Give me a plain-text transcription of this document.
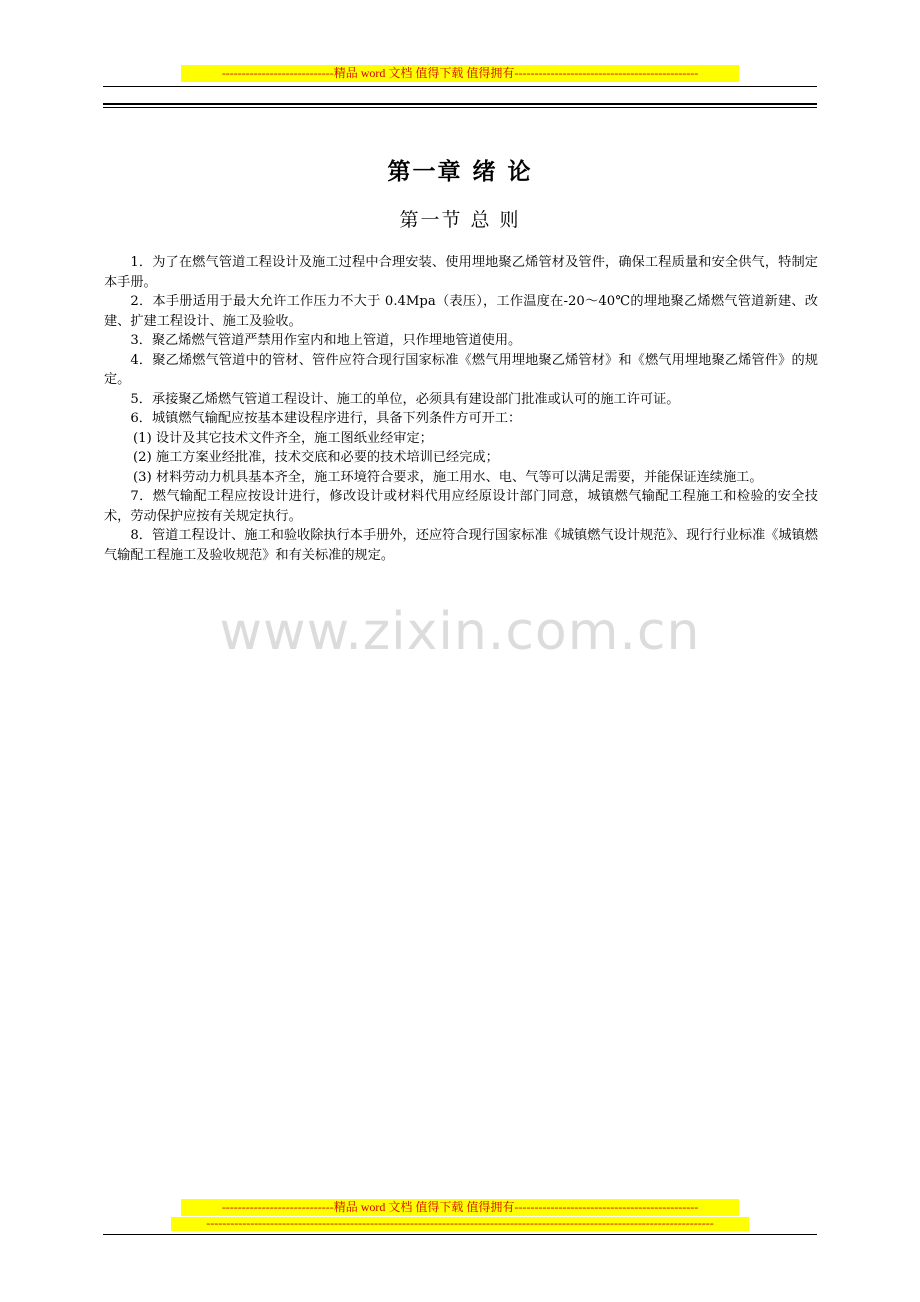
----------------------------精品 word 文档 值得下载 值得拥有----------------------------------------------
第一章 绪 论
第一节 总 则

1．为了在燃气管道工程设计及施工过程中合理安装、使用埋地聚乙烯管材及管件，确保工程质量和安全供气，特制定本手册。

2．本手册适用于最大允许工作压力不大于 0.4Mpa（表压），工作温度在-20～40℃的埋地聚乙烯燃气管道新建、改建、扩建工程设计、施工及验收。

3．聚乙烯燃气管道严禁用作室内和地上管道，只作埋地管道使用。

4．聚乙烯燃气管道中的管材、管件应符合现行国家标准《燃气用埋地聚乙烯管材》和《燃气用埋地聚乙烯管件》的规定。

5．承接聚乙烯燃气管道工程设计、施工的单位，必须具有建设部门批准或认可的施工许可证。

6．城镇燃气输配应按基本建设程序进行，具备下列条件方可开工：

(1) 设计及其它技术文件齐全，施工图纸业经审定；

(2) 施工方案业经批准，技术交底和必要的技术培训已经完成；

(3) 材料劳动力机具基本齐全，施工环境符合要求，施工用水、电、气等可以满足需要，并能保证连续施工。

7．燃气输配工程应按设计进行，修改设计或材料代用应经原设计部门同意，城镇燃气输配工程施工和检验的安全技术，劳动保护应按有关规定执行。

8．管道工程设计、施工和验收除执行本手册外，还应符合现行国家标准《城镇燃气设计规范》、现行行业标准《城镇燃气输配工程施工及验收规范》和有关标准的规定。

www.zixin.com.cn
----------------------------精品 word 文档 值得下载 值得拥有----------------------------------------------
-------------------------------------------------------------------------------------------------------------------------------
